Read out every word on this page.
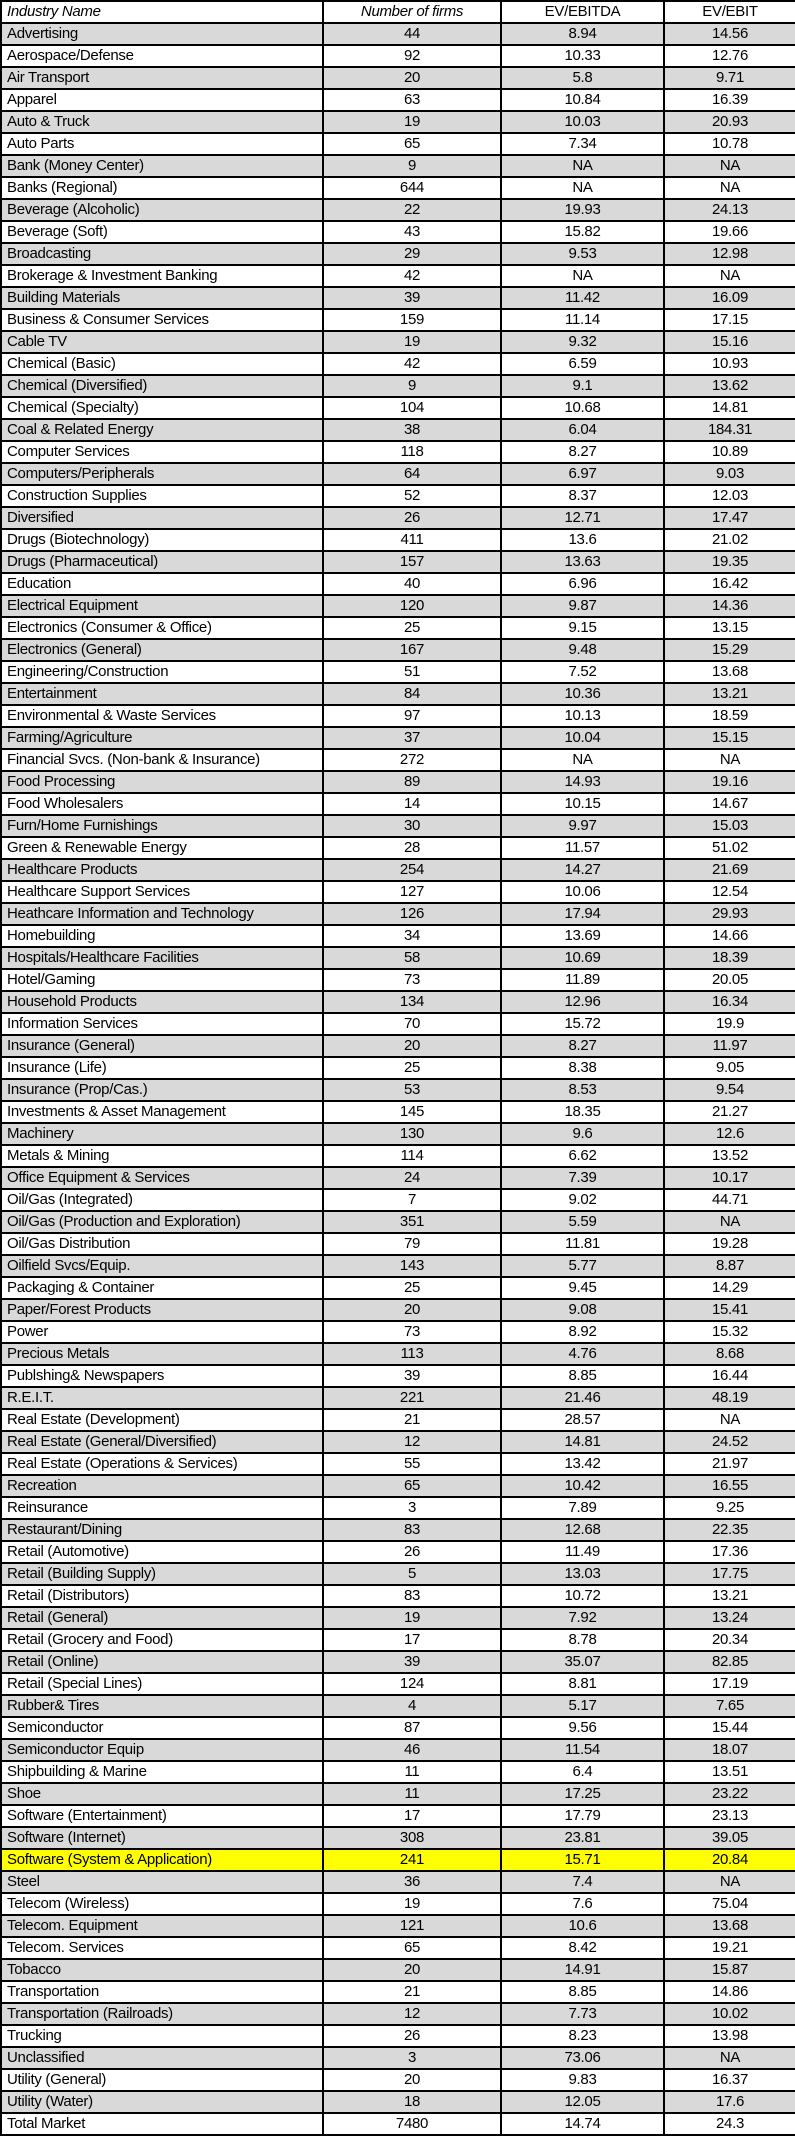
Industry Name	Number of firms	EV/EBITDA	EV/EBIT
Advertising	44	8.94	14.56
Aerospace/Defense	92	10.33	12.76
Air Transport	20	5.8	9.71
Apparel	63	10.84	16.39
Auto & Truck	19	10.03	20.93
Auto Parts	65	7.34	10.78
Bank (Money Center)	9	NA	NA
Banks (Regional)	644	NA	NA
Beverage (Alcoholic)	22	19.93	24.13
Beverage (Soft)	43	15.82	19.66
Broadcasting	29	9.53	12.98
Brokerage & Investment Banking	42	NA	NA
Building Materials	39	11.42	16.09
Business & Consumer Services	159	11.14	17.15
Cable TV	19	9.32	15.16
Chemical (Basic)	42	6.59	10.93
Chemical (Diversified)	9	9.1	13.62
Chemical (Specialty)	104	10.68	14.81
Coal & Related Energy	38	6.04	184.31
Computer Services	118	8.27	10.89
Computers/Peripherals	64	6.97	9.03
Construction Supplies	52	8.37	12.03
Diversified	26	12.71	17.47
Drugs (Biotechnology)	411	13.6	21.02
Drugs (Pharmaceutical)	157	13.63	19.35
Education	40	6.96	16.42
Electrical Equipment	120	9.87	14.36
Electronics (Consumer & Office)	25	9.15	13.15
Electronics (General)	167	9.48	15.29
Engineering/Construction	51	7.52	13.68
Entertainment	84	10.36	13.21
Environmental & Waste Services	97	10.13	18.59
Farming/Agriculture	37	10.04	15.15
Financial Svcs. (Non-bank & Insurance)	272	NA	NA
Food Processing	89	14.93	19.16
Food Wholesalers	14	10.15	14.67
Furn/Home Furnishings	30	9.97	15.03
Green & Renewable Energy	28	11.57	51.02
Healthcare Products	254	14.27	21.69
Healthcare Support Services	127	10.06	12.54
Heathcare Information and Technology	126	17.94	29.93
Homebuilding	34	13.69	14.66
Hospitals/Healthcare Facilities	58	10.69	18.39
Hotel/Gaming	73	11.89	20.05
Household Products	134	12.96	16.34
Information Services	70	15.72	19.9
Insurance (General)	20	8.27	11.97
Insurance (Life)	25	8.38	9.05
Insurance (Prop/Cas.)	53	8.53	9.54
Investments & Asset Management	145	18.35	21.27
Machinery	130	9.6	12.6
Metals & Mining	114	6.62	13.52
Office Equipment & Services	24	7.39	10.17
Oil/Gas (Integrated)	7	9.02	44.71
Oil/Gas (Production and Exploration)	351	5.59	NA
Oil/Gas Distribution	79	11.81	19.28
Oilfield Svcs/Equip.	143	5.77	8.87
Packaging & Container	25	9.45	14.29
Paper/Forest Products	20	9.08	15.41
Power	73	8.92	15.32
Precious Metals	113	4.76	8.68
Publshing& Newspapers	39	8.85	16.44
R.E.I.T.	221	21.46	48.19
Real Estate (Development)	21	28.57	NA
Real Estate (General/Diversified)	12	14.81	24.52
Real Estate (Operations & Services)	55	13.42	21.97
Recreation	65	10.42	16.55
Reinsurance	3	7.89	9.25
Restaurant/Dining	83	12.68	22.35
Retail (Automotive)	26	11.49	17.36
Retail (Building Supply)	5	13.03	17.75
Retail (Distributors)	83	10.72	13.21
Retail (General)	19	7.92	13.24
Retail (Grocery and Food)	17	8.78	20.34
Retail (Online)	39	35.07	82.85
Retail (Special Lines)	124	8.81	17.19
Rubber& Tires	4	5.17	7.65
Semiconductor	87	9.56	15.44
Semiconductor Equip	46	11.54	18.07
Shipbuilding & Marine	11	6.4	13.51
Shoe	11	17.25	23.22
Software (Entertainment)	17	17.79	23.13
Software (Internet)	308	23.81	39.05
Software (System & Application)	241	15.71	20.84
Steel	36	7.4	NA
Telecom (Wireless)	19	7.6	75.04
Telecom. Equipment	121	10.6	13.68
Telecom. Services	65	8.42	19.21
Tobacco	20	14.91	15.87
Transportation	21	8.85	14.86
Transportation (Railroads)	12	7.73	10.02
Trucking	26	8.23	13.98
Unclassified	3	73.06	NA
Utility (General)	20	9.83	16.37
Utility (Water)	18	12.05	17.6
Total Market	7480	14.74	24.3
